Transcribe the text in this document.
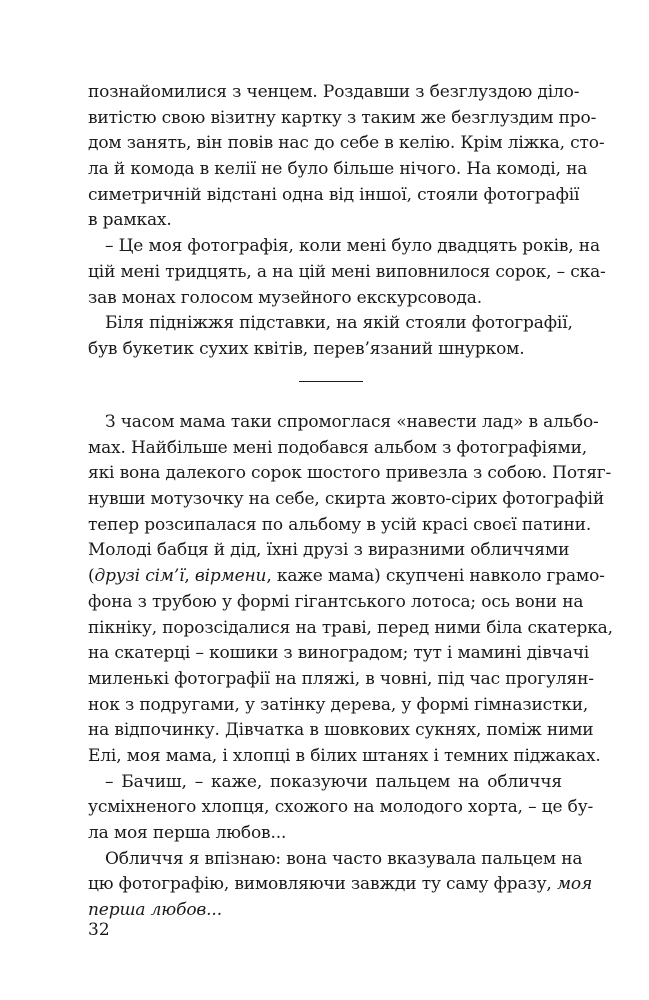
познайомилися з ченцем. Роздавши з безглуздою діло-
витістю свою візитну картку з таким же безглуздим про-
дом занять, він повів нас до себе в келію. Крім ліжка, сто-
ла й комода в келії не було більше нічого. На комоді, на
симетричній відстані одна від іншої, стояли фотографії
в рамках.
– Це моя фотографія, коли мені було двадцять років, на
цій мені тридцять, а на цій мені виповнилося сорок, – ска-
зав монах голосом музейного екскурсовода.
Біля підніжжя підставки, на якій стояли фотографії,
був букетик сухих квітів, перев’язаний шнурком.
З часом мама таки спромоглася «навести лад» в альбо-
мах. Найбільше мені подобався альбом з фотографіями,
які вона далекого сорок шостого привезла з собою. Потяг-
нувши мотузочку на себе, скирта жовто-сірих фотографій
тепер розсипалася по альбому в усій красі своєї патини.
Молоді бабця й дід, їхні друзі з виразними обличчями
(друзі сім’ї, вірмени, каже мама) скупчені навколо грамо-
фона з трубою у формі гігантського лотоса; ось вони на
пікніку, порозсідалися на траві, перед ними біла скатерка,
на скатерці – кошики з виноградом; тут і мамині дівчачі
миленькі фотографії на пляжі, в човні, під час прогулян-
нок з подругами, у затінку дерева, у формі гімназистки,
на відпочинку. Дівчатка в шовкових сукнях, поміж ними
Елі, моя мама, і хлопці в білих штанях і темних піджаках.
– Бачиш, – каже, показуючи пальцем на обличчя
усміхненого хлопця, схожого на молодого хорта, – це бу-
ла моя перша любов...
Обличчя я впізнаю: вона часто вказувала пальцем на
цю фотографію, вимовляючи завжди ту саму фразу, моя
перша любов...
32
